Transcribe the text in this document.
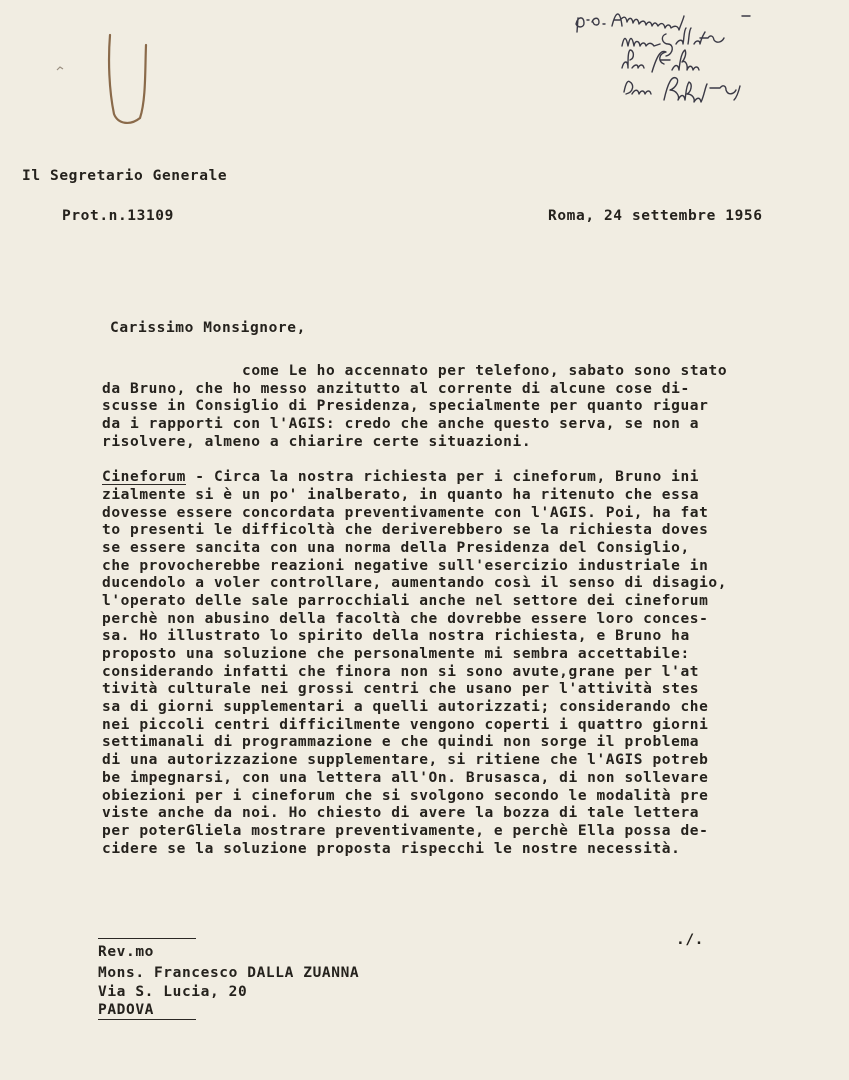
Il Segretario Generale
Prot.n.13109	Roma, 24 settembre 1956
Carissimo Monsignore,
come Le ho accennato per telefono, sabato sono stato
da Bruno, che ho messo anzitutto al corrente di alcune cose di-
scusse in Consiglio di Presidenza, specialmente per quanto riguar
da i rapporti con l'AGIS: credo che anche questo serva, se non a
risolvere, almeno a chiarire certe situazioni.
Cineforum - Circa la nostra richiesta per i cineforum, Bruno ini
zialmente si è un po' inalberato, in quanto ha ritenuto che essa
dovesse essere concordata preventivamente con l'AGIS. Poi, ha fat
to presenti le difficoltà che deriverebbero se la richiesta doves
se essere sancita con una norma della Presidenza del Consiglio,
che provocherebbe reazioni negative sull'esercizio industriale in
ducendolo a voler controllare, aumentando così il senso di disagio,
l'operato delle sale parrocchiali anche nel settore dei cineforum
perchè non abusino della facoltà che dovrebbe essere loro conces-
sa. Ho illustrato lo spirito della nostra richiesta, e Bruno ha
proposto una soluzione che personalmente mi sembra accettabile:
considerando infatti che finora non si sono avute,grane per l'at
tività culturale nei grossi centri che usano per l'attività stes
sa di giorni supplementari a quelli autorizzati; considerando che
nei piccoli centri difficilmente vengono coperti i quattro giorni
settimanali di programmazione e che quindi non sorge il problema
di una autorizzazione supplementare, si ritiene che l'AGIS potreb
be impegnarsi, con una lettera all'On. Brusasca, di non sollevare
obiezioni per i cineforum che si svolgono secondo le modalità pre
viste anche da noi. Ho chiesto di avere la bozza di tale lettera
per poterGliela mostrare preventivamente, e perchè Ella possa de-
cidere se la soluzione proposta rispecchi le nostre necessità.
./.
Rev.mo
Mons. Francesco DALLA ZUANNA
Via S. Lucia, 20
PADOVA
